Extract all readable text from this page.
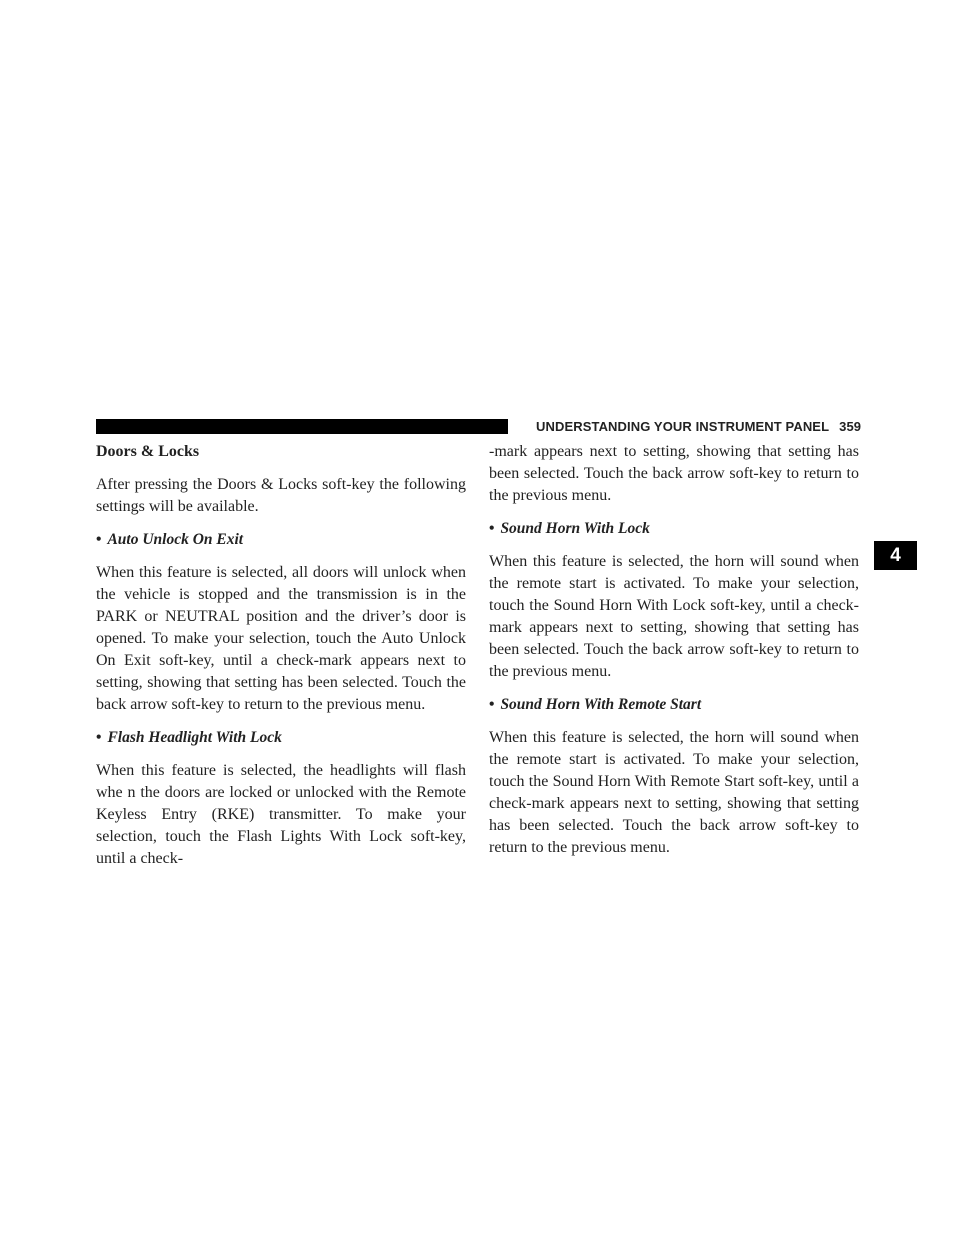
UNDERSTANDING YOUR INSTRUMENT PANEL 359
4
Doors & Locks

After pressing the Doors & Locks soft-key the following settings will be available.

• Auto Unlock On Exit

When this feature is selected, all doors will unlock when the vehicle is stopped and the transmission is in the PARK or NEUTRAL position and the driver’s door is opened. To make your selection, touch the Auto Unlock On Exit soft-key, until a check-mark appears next to setting, showing that setting has been selected. Touch the back arrow soft-key to return to the previous menu.

• Flash Headlight With Lock

When this feature is selected, the headlights will flash whe n the doors are locked or unlocked with the Remote Keyless Entry (RKE) transmitter. To make your selection, touch the Flash Lights With Lock soft-key, until a check-

-mark appears next to setting, showing that setting has been selected. Touch the back arrow soft-key to return to the previous menu.

• Sound Horn With Lock

When this feature is selected, the horn will sound when the remote start is activated. To make your selection, touch the Sound Horn With Lock soft-key, until a check-mark appears next to setting, showing that setting has been selected. Touch the back arrow soft-key to return to the previous menu.

• Sound Horn With Remote Start

When this feature is selected, the horn will sound when the remote start is activated. To make your selection, touch the Sound Horn With Remote Start soft-key, until a check-mark appears next to setting, showing that setting has been selected. Touch the back arrow soft-key to return to the previous menu.
